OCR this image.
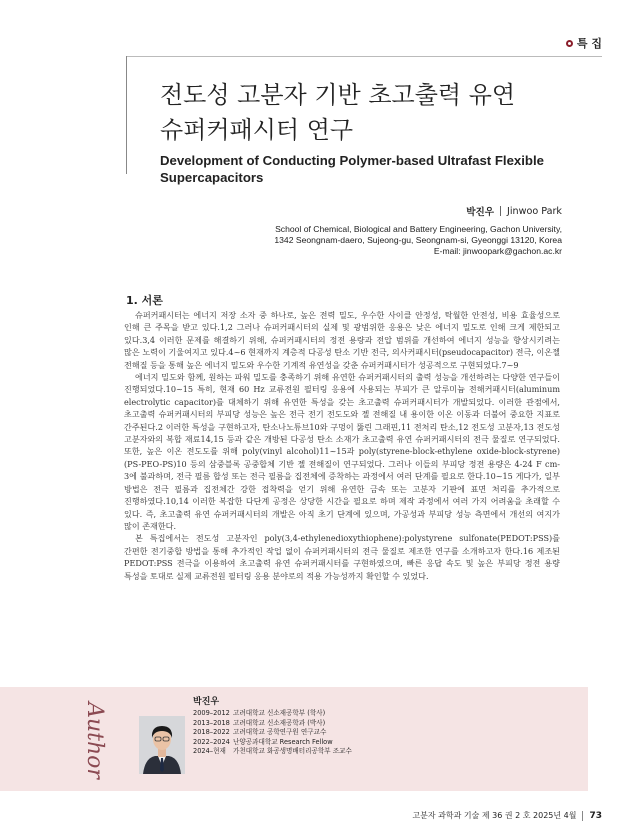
특 집
전도성 고분자 기반 초고출력 유연
슈퍼커패시터 연구
Development of Conducting Polymer-based Ultrafast Flexible
Supercapacitors
박진우 Jinwoo Park
School of Chemical, Biological and Battery Engineering, Gachon University,
1342 Seongnam-daero, Sujeong-gu, Seongnam-si, Gyeonggi 13120, Korea
E-mail: jinwoopark@gachon.ac.kr
1. 서론

슈퍼커패시터는 에너지 저장 소자 중 하나로, 높은 전력 밀도, 우수한 사이클 안정성, 탁월한 안전성, 비용 효율성으로 인해 큰 주목을 받고 있다.1,2 그러나 슈퍼커패시터의 실제 및 광범위한 응용은 낮은 에너지 밀도로 인해 크게 제한되고 있다.3,4 이러한 문제를 해결하기 위해, 슈퍼커패시터의 정전 용량과 전압 범위를 개선하여 에너지 성능을 향상시키려는 많은 노력이 기울여지고 있다.4~6 현재까지 계층적 다공성 탄소 기반 전극, 의사커패시터(pseudocapacitor) 전극, 이온젤 전해질 등을 통해 높은 에너지 밀도와 우수한 기계적 유연성을 갖춘 슈퍼커패시터가 성공적으로 구현되었다.7~9

에너지 밀도와 함께, 원하는 파워 밀도를 충족하기 위해 유연한 슈퍼커패시터의 출력 성능을 개선하려는 다양한 연구들이 진행되었다.10~15 특히, 현재 60 Hz 교류전원 필터링 응용에 사용되는 부피가 큰 알루미늄 전해커패시터(aluminum electrolytic capacitor)를 대체하기 위해 유연한 특성을 갖는 초고출력 슈퍼커패시터가 개발되었다. 이러한 관점에서, 초고출력 슈퍼커패시터의 부피당 성능은 높은 전극 전기 전도도와 젤 전해질 내 용이한 이온 이동과 더불어 중요한 지표로 간주된다.2 이러한 특성을 구현하고자, 탄소나노튜브10와 구멍이 뚫린 그래핀,11 전처리 탄소,12 전도성 고분자,13 전도성 고분자와의 복합 재료14,15 등과 같은 개방된 다공성 탄소 소재가 초고출력 유연 슈퍼커패시터의 전극 물질로 연구되었다. 또한, 높은 이온 전도도를 위해 poly(vinyl alcohol)11~15과 poly(styrene-block-ethylene oxide-block-styrene)(PS-PEO-PS)10 등의 삼중블록 공중합체 기반 젤 전해질이 연구되었다. 그러나 이들의 부피당 정전 용량은 4-24 F cm-3에 불과하며, 전극 필름 합성 또는 전극 필름을 집전체에 증착하는 과정에서 여러 단계를 필요로 한다.10~15 게다가, 일부 방법은 전극 필름과 집전체간 강한 접착력을 얻기 위해 유연한 금속 또는 고분자 기판에 표면 처리를 추가적으로 진행하였다.10,14 이러한 복잡한 다단계 공정은 상당한 시간을 필요로 하며 제작 과정에서 여러 가지 어려움을 초래할 수 있다. 즉, 초고출력 유연 슈퍼커패시터의 개발은 아직 초기 단계에 있으며, 가공성과 부피당 성능 측면에서 개선의 여지가 많이 존재한다.

본 특집에서는 전도성 고분자인 poly(3,4-ethylenedioxythiophene):polystyrene sulfonate(PEDOT:PSS)를 간편한 전기중합 방법을 통해 추가적인 작업 없이 슈퍼커패시터의 전극 물질로 제조한 연구를 소개하고자 한다.16 제조된 PEDOT:PSS 전극을 이용하여 초고출력 유연 슈퍼커패시터를 구현하였으며, 빠른 응답 속도 및 높은 부피당 정전 용량 특성을 토대로 실제 교류전원 필터링 응용 분야로의 적용 가능성까지 확인할 수 있었다.

Author	박진우
2009–2012 고려대학교 신소재공학부 (학사)
2013–2018 고려대학교 신소재공학과 (박사)
2018–2022 고려대학교 공학연구원 연구교수
2022–2024 난양공과대학교 Research Fellow
2024–현재	가천대학교 화공생명배터리공학부 조교수
고분자 과학과 기술 제 36 권 2 호 2025년 4월 73
